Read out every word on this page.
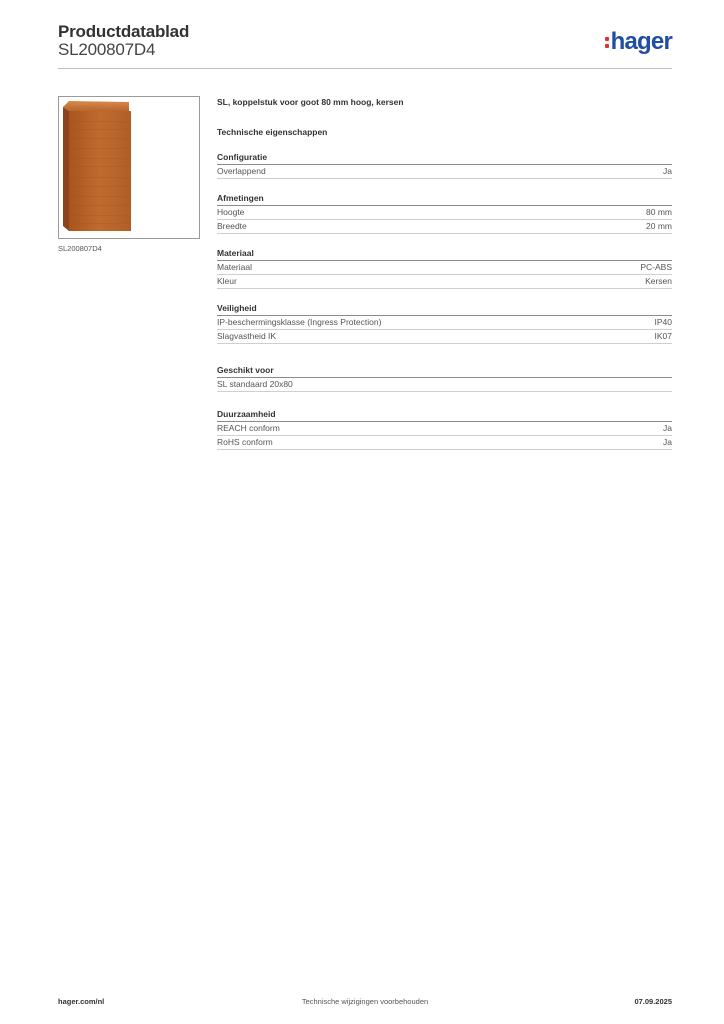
Productdatablad
SL200807D4	hager
SL200807D4
SL, koppelstuk voor goot 80 mm hoog, kersen
Technische eigenschappen
Configuratie
Overlappend	Ja
Afmetingen
Hoogte	80 mm
Breedte	20 mm
Materiaal
Materiaal	PC-ABS
Kleur	Kersen
Veiligheid
IP-beschermingsklasse (Ingress Protection)	IP40
Slagvastheid IK	IK07
Geschikt voor
SL standaard 20x80
Duurzaamheid
REACH conform	Ja
RoHS conform	Ja
hager.com/nl	Technische wijzigingen voorbehouden	07.09.2025
